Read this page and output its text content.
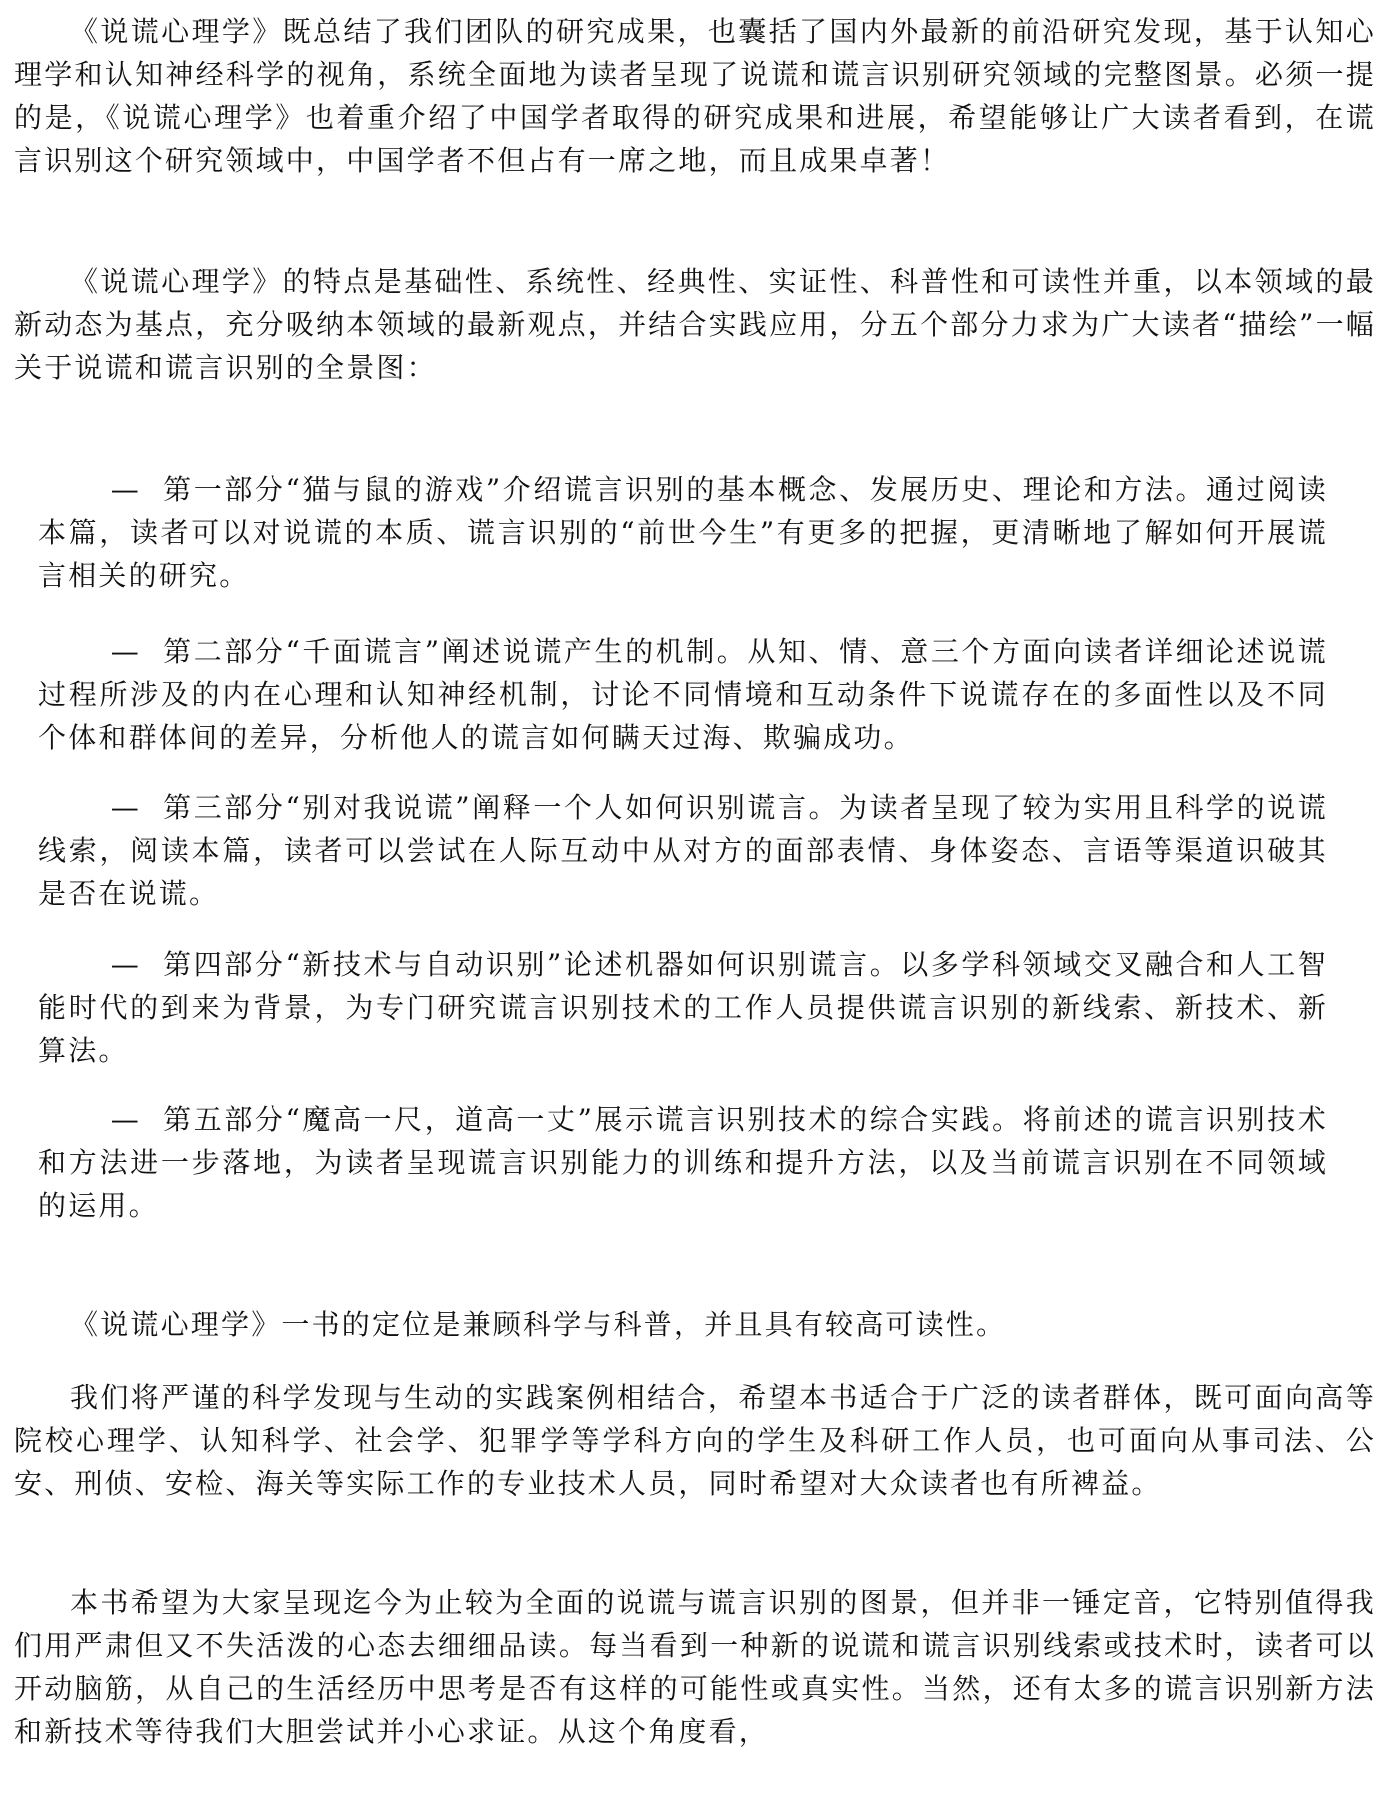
《说谎心理学》既总结了我们团队的研究成果，也囊括了国内外最新的前沿研究发现，基于认知心理学和认知神经科学的视角，系统全面地为读者呈现了说谎和谎言识别研究领域的完整图景。必须一提的是，《说谎心理学》也着重介绍了中国学者取得的研究成果和进展，希望能够让广大读者看到，在谎言识别这个研究领域中，中国学者不但占有一席之地，而且成果卓著！

《说谎心理学》的特点是基础性、系统性、经典性、实证性、科普性和可读性并重，以本领域的最新动态为基点，充分吸纳本领域的最新观点，并结合实践应用，分五个部分力求为广大读者“描绘”一幅关于说谎和谎言识别的全景图：

— 第一部分“猫与鼠的游戏”介绍谎言识别的基本概念、发展历史、理论和方法。通过阅读本篇，读者可以对说谎的本质、谎言识别的“前世今生”有更多的把握，更清晰地了解如何开展谎言相关的研究。

— 第二部分“千面谎言”阐述说谎产生的机制。从知、情、意三个方面向读者详细论述说谎过程所涉及的内在心理和认知神经机制，讨论不同情境和互动条件下说谎存在的多面性以及不同个体和群体间的差异，分析他人的谎言如何瞒天过海、欺骗成功。

— 第三部分“别对我说谎”阐释一个人如何识别谎言。为读者呈现了较为实用且科学的说谎线索，阅读本篇，读者可以尝试在人际互动中从对方的面部表情、身体姿态、言语等渠道识破其是否在说谎。

— 第四部分“新技术与自动识别”论述机器如何识别谎言。以多学科领域交叉融合和人工智能时代的到来为背景，为专门研究谎言识别技术的工作人员提供谎言识别的新线索、新技术、新算法。

— 第五部分“魔高一尺，道高一丈”展示谎言识别技术的综合实践。将前述的谎言识别技术和方法进一步落地，为读者呈现谎言识别能力的训练和提升方法，以及当前谎言识别在不同领域的运用。

《说谎心理学》一书的定位是兼顾科学与科普，并且具有较高可读性。

我们将严谨的科学发现与生动的实践案例相结合，希望本书适合于广泛的读者群体，既可面向高等院校心理学、认知科学、社会学、犯罪学等学科方向的学生及科研工作人员，也可面向从事司法、公安、刑侦、安检、海关等实际工作的专业技术人员，同时希望对大众读者也有所裨益。

本书希望为大家呈现迄今为止较为全面的说谎与谎言识别的图景，但并非一锤定音，它特别值得我们用严肃但又不失活泼的心态去细细品读。每当看到一种新的说谎和谎言识别线索或技术时，读者可以开动脑筋，从自己的生活经历中思考是否有这样的可能性或真实性。当然，还有太多的谎言识别新方法和新技术等待我们大胆尝试并小心求证。从这个角度看，
